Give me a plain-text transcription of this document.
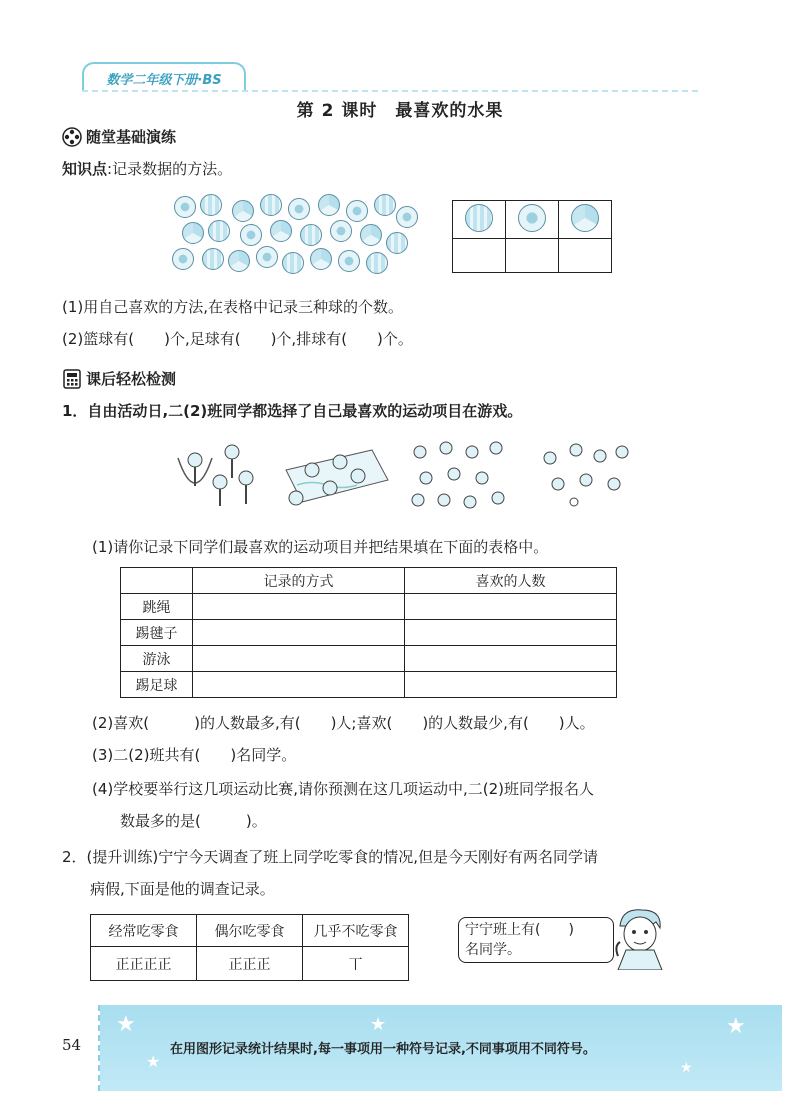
数学二年级下册·BS
第 2 课时　最喜欢的水果
随堂基础演练
知识点:记录数据的方法。

(1)用自己喜欢的方法,在表格中记录三种球的个数。
(2)篮球有(　　)个,足球有(　　)个,排球有(　　)个。
课后轻松检测
1．自由活动日,二(2)班同学都选择了自己最喜欢的运动项目在游戏。
(1)请你记录下同学们最喜欢的运动项目并把结果填在下面的表格中。
	记录的方式	喜欢的人数
跳绳		
踢毽子		
游泳		
踢足球		
(2)喜欢(　　　)的人数最多,有(　　)人;喜欢(　　)的人数最少,有(　　)人。
(3)二(2)班共有(　　)名同学。
(4)学校要举行这几项运动比赛,请你预测在这几项运动中,二(2)班同学报名人
数最多的是(　　　)。
2．(提升训练)宁宁今天调查了班上同学吃零食的情况,但是今天刚好有两名同学请
病假,下面是他的调查记录。
经常吃零食	偶尔吃零食	几乎不吃零食
正正正正	正正正	丅
宁宁班上有(　　)
名同学。
★
★
★
★
★
54	在用图形记录统计结果时,每一事项用一种符号记录,不同事项用不同符号。
